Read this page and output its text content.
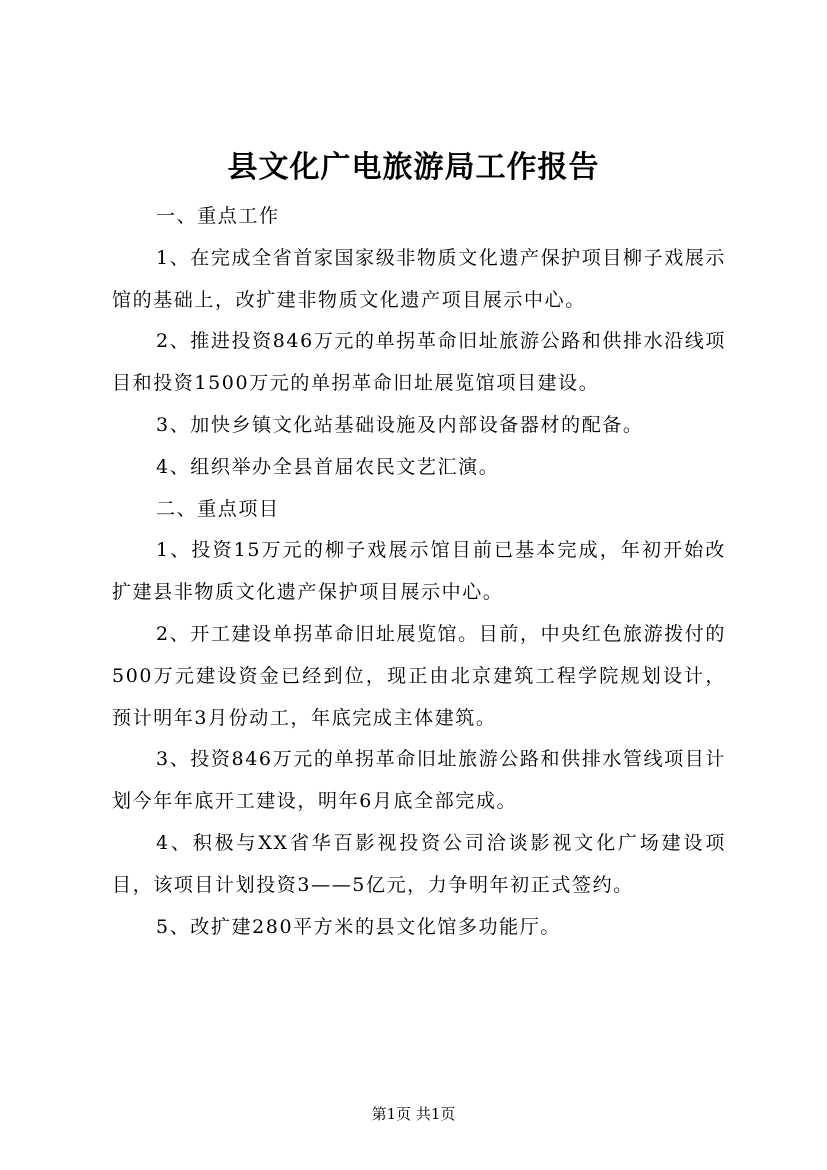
县文化广电旅游局工作报告

一、重点工作

1、在完成全省首家国家级非物质文化遗产保护项目柳子戏展示馆的基础上，改扩建非物质文化遗产项目展示中心。

2、推进投资846万元的单拐革命旧址旅游公路和供排水沿线项目和投资1500万元的单拐革命旧址展览馆项目建设。

3、加快乡镇文化站基础设施及内部设备器材的配备。

4、组织举办全县首届农民文艺汇演。

二、重点项目

1、投资15万元的柳子戏展示馆目前已基本完成，年初开始改扩建县非物质文化遗产保护项目展示中心。

2、开工建设单拐革命旧址展览馆。目前，中央红色旅游拨付的500万元建设资金已经到位，现正由北京建筑工程学院规划设计，预计明年3月份动工，年底完成主体建筑。

3、投资846万元的单拐革命旧址旅游公路和供排水管线项目计划今年年底开工建设，明年6月底全部完成。

4、积极与XX省华百影视投资公司洽谈影视文化广场建设项目，该项目计划投资3——5亿元，力争明年初正式签约。

5、改扩建280平方米的县文化馆多功能厅。

第1页 共1页
